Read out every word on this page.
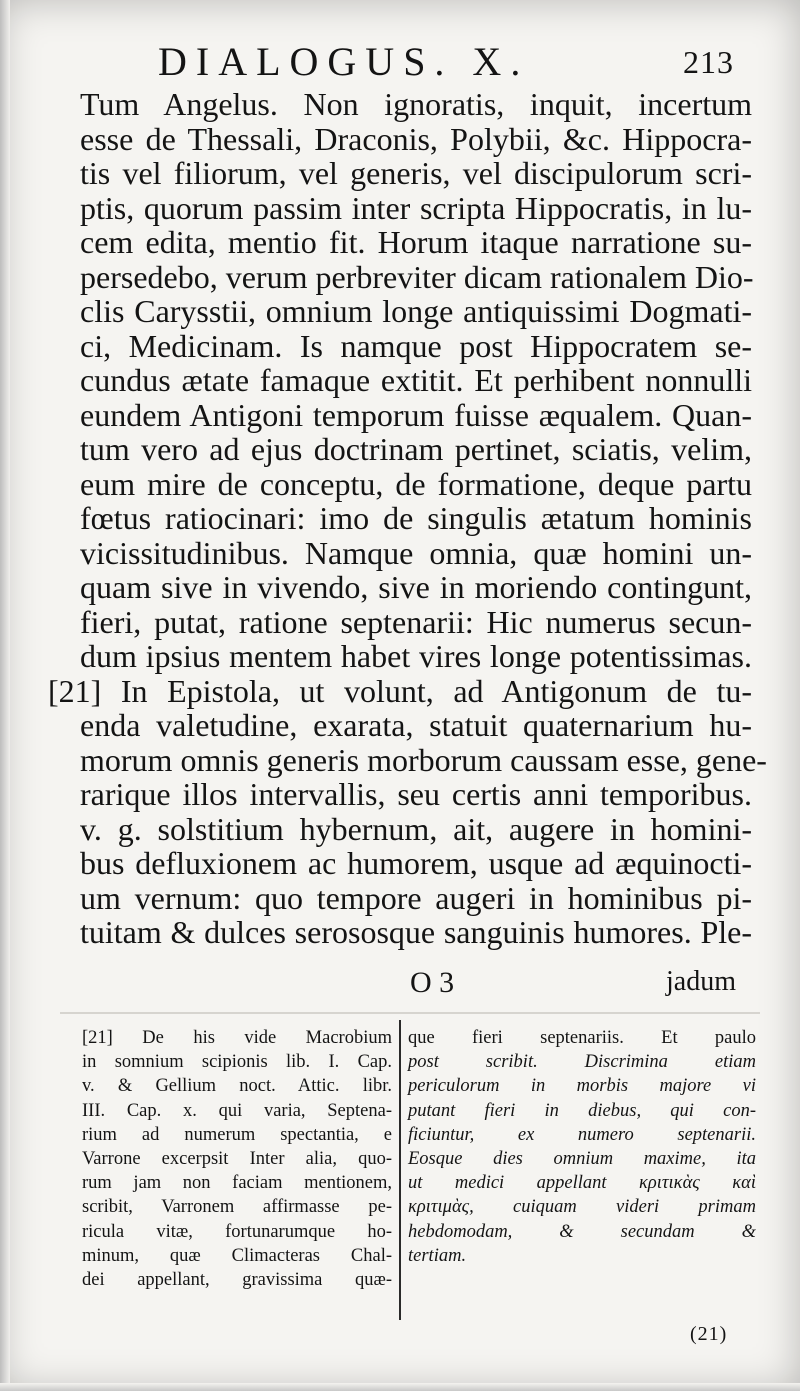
DIALOGUS. X.	213
Tum Angelus. Non ignoratis, inquit, incertum
esse de Thessali, Draconis, Polybii, &c. Hippocra-
tis vel filiorum, vel generis, vel discipulorum scri-
ptis, quorum passim inter scripta Hippocratis, in lu-
cem edita, mentio fit. Horum itaque narratione su-
persedebo, verum perbreviter dicam rationalem Dio-
clis Carysstii, omnium longe antiquissimi Dogmati-
ci, Medicinam. Is namque post Hippocratem se-
cundus ætate famaque extitit. Et perhibent nonnulli
eundem Antigoni temporum fuisse æqualem. Quan-
tum vero ad ejus doctrinam pertinet, sciatis, velim,
eum mire de conceptu, de formatione, deque partu
fœtus ratiocinari: imo de singulis ætatum hominis
vicissitudinibus. Namque omnia, quæ homini un-
quam sive in vivendo, sive in moriendo contingunt,
fieri, putat, ratione septenarii: Hic numerus secun-
dum ipsius mentem habet vires longe potentissimas.
[21] In Epistola, ut volunt, ad Antigonum de tu-
enda valetudine, exarata, statuit quaternarium hu-
morum omnis generis morborum caussam esse, gene-
rarique illos intervallis, seu certis anni temporibus.
v. g. solstitium hybernum, ait, augere in homini-
bus defluxionem ac humorem, usque ad æquinocti-
um vernum: quo tempore augeri in hominibus pi-
tuitam & dulces serososque sanguinis humores. Ple-
O 3	jadum
[21] De his vide Macrobium
in somnium scipionis lib. I. Cap.
v. & Gellium noct. Attic. libr.
III. Cap. x. qui varia, Septena-
rium ad numerum spectantia, e
Varrone excerpsit Inter alia, quo-
rum jam non faciam mentionem,
scribit, Varronem affirmasse pe-
ricula vitæ, fortunarumque ho-
minum, quæ Climacteras Chal-
dei appellant, gravissima quæ-
que fieri septenariis. Et paulo
post scribit. Discrimina etiam
periculorum in morbis majore vi
putant fieri in diebus, qui con-
ficiuntur, ex numero septenarii.
Eosque dies omnium maxime, ita
ut medici appellant κριτικὰς καὶ
κριτιμὰς, cuiquam videri primam
hebdomodam, & secundam &
tertiam.
(21)
